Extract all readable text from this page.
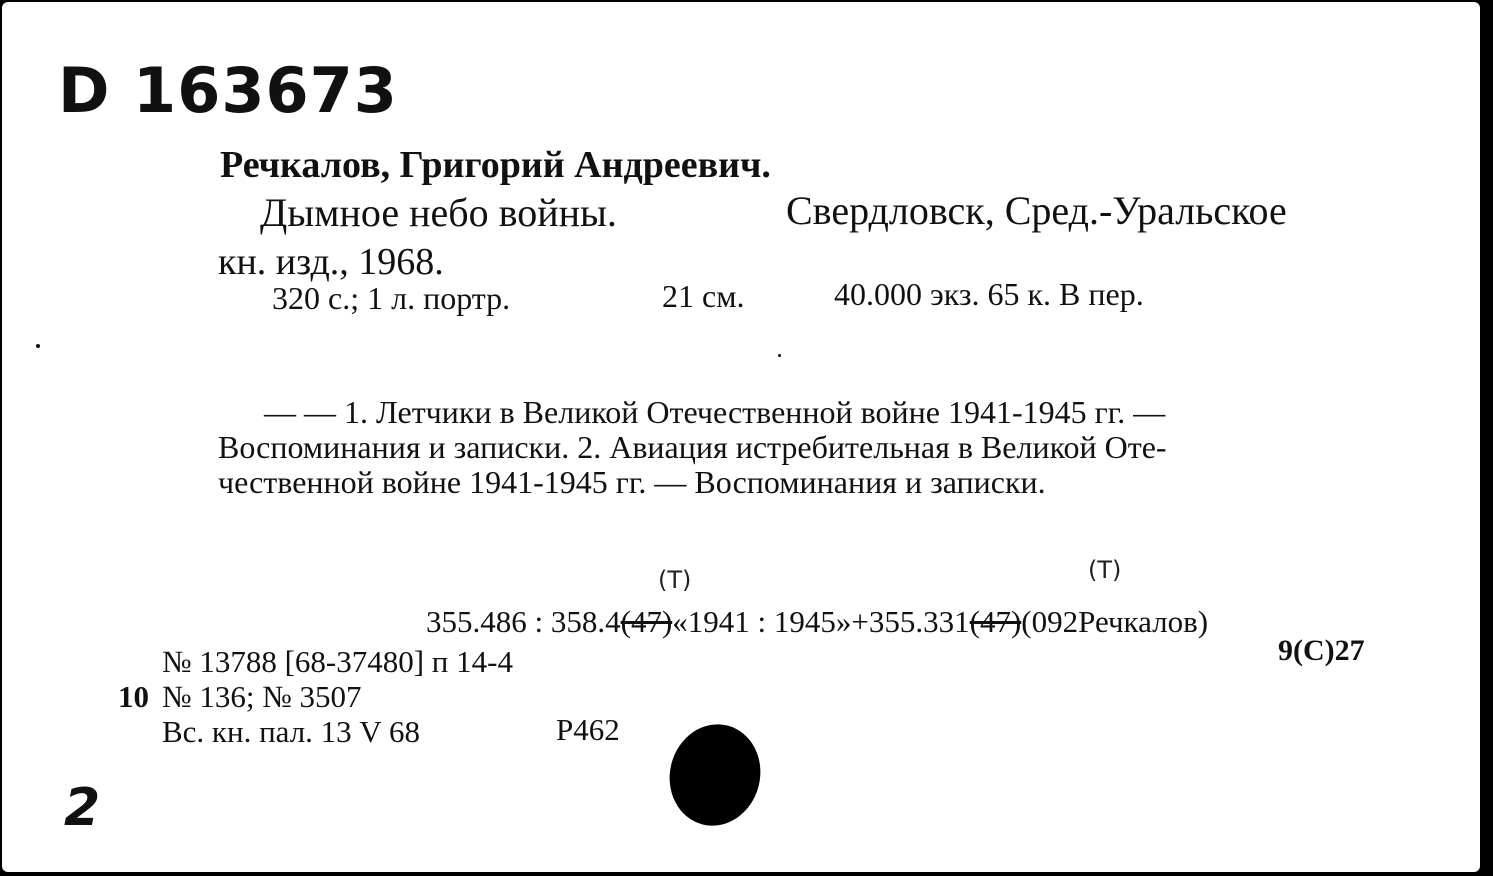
D 163673
Речкалов, Григорий Андреевич.
Дымное небо войны.	Свердловск, Сред.-Уральское
кн. изд., 1968.
320 с.; 1 л. портр.	21 см.	40.000 экз. 65 к. В пер.
— — 1. Летчики в Великой Отечественной войне 1941-1945 гг. —
Воспоминания и записки. 2. Авиация истребительная в Великой Оте-
чественной войне 1941-1945 гг. — Воспоминания и записки.
(Т)	(Т)
355.486 : 358.4(47)«1941 : 1945»+355.331(47)(092Речкалов)
9(С)27
№ 13788 [68-37480] п 14-4
10 № 136; № 3507
Вс. кн. пал. 13 V 68	Р462
2
